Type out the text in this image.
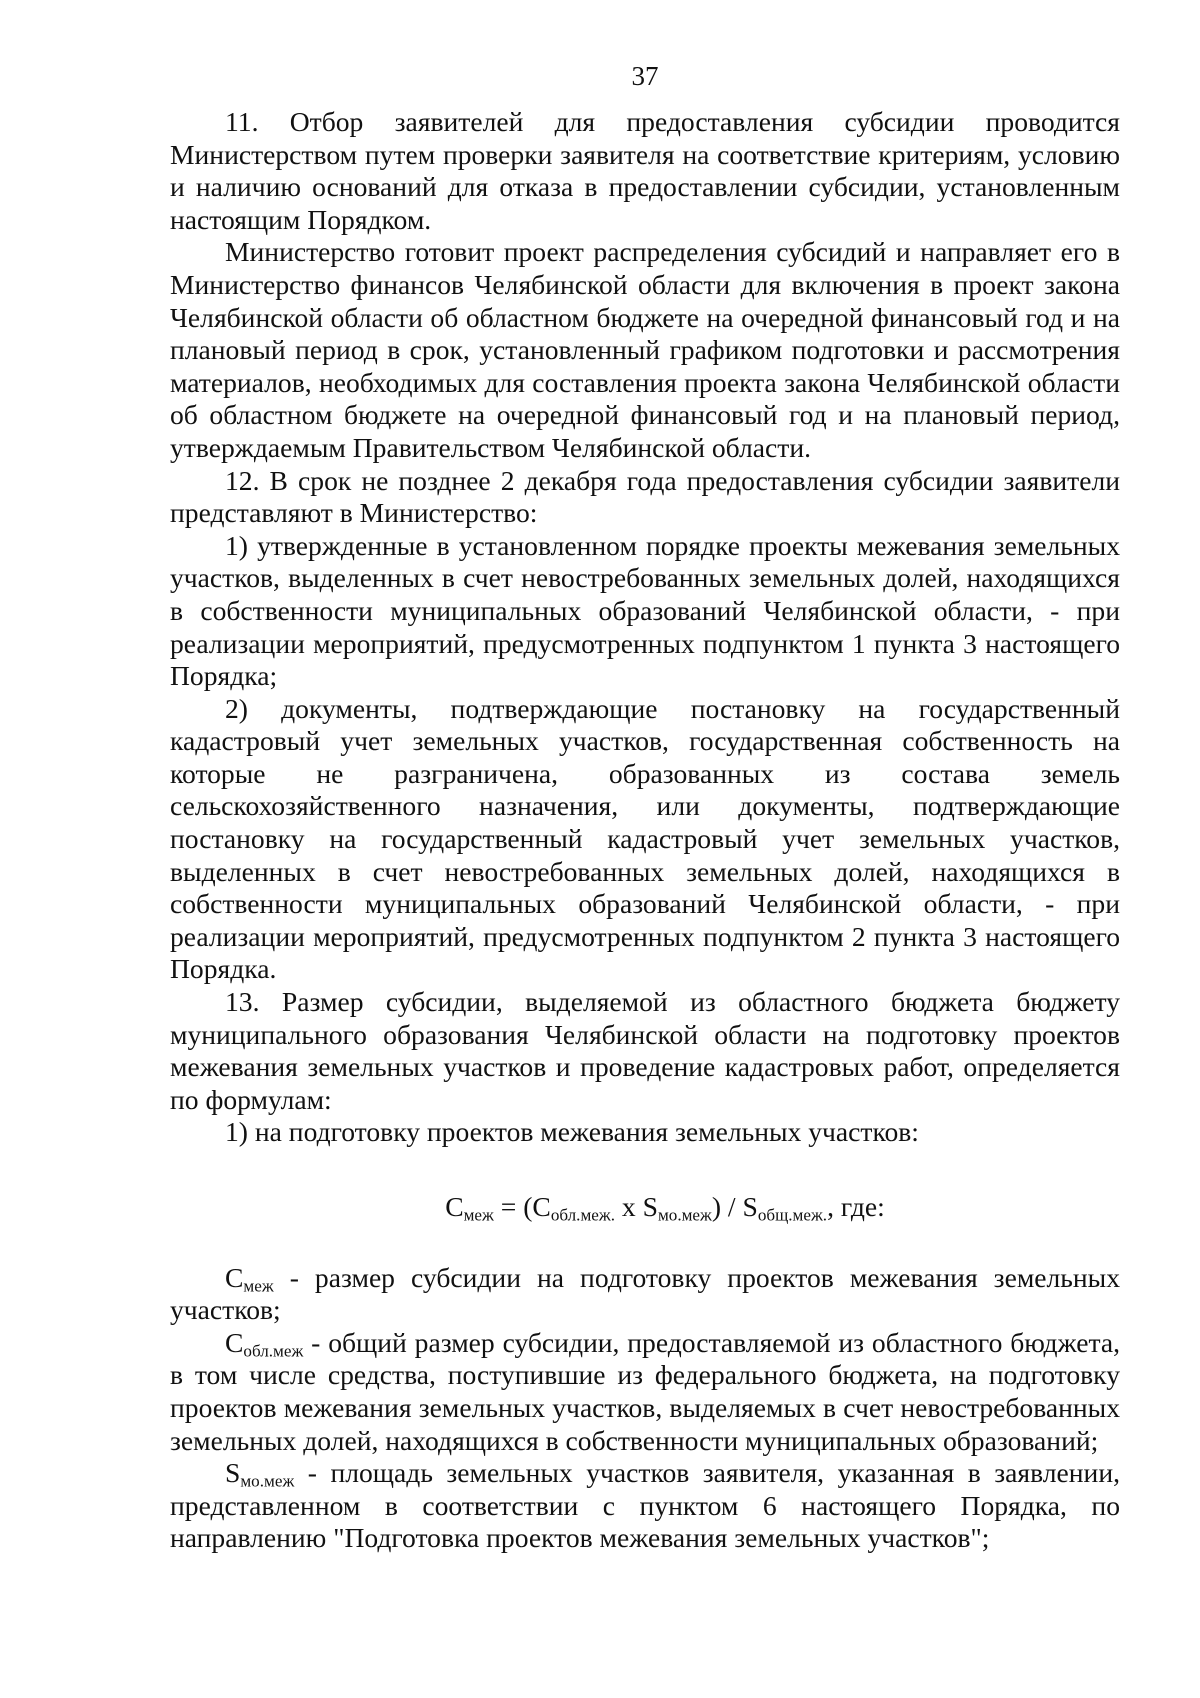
37

11. Отбор заявителей для предоставления субсидии проводится Министерством путем проверки заявителя на соответствие критериям, условию и наличию оснований для отказа в предоставлении субсидии, установленным настоящим Порядком.

Министерство готовит проект распределения субсидий и направляет его в Министерство финансов Челябинской области для включения в проект закона Челябинской области об областном бюджете на очередной финансовый год и на плановый период в срок, установленный графиком подготовки и рассмотрения материалов, необходимых для составления проекта закона Челябинской области об областном бюджете на очередной финансовый год и на плановый период, утверждаемым Правительством Челябинской области.

12. В срок не позднее 2 декабря года предоставления субсидии заявители представляют в Министерство:

1) утвержденные в установленном порядке проекты межевания земельных участков, выделенных в счет невостребованных земельных долей, находящихся в собственности муниципальных образований Челябинской области, - при реализации мероприятий, предусмотренных подпунктом 1 пункта 3 настоящего Порядка;

2) документы, подтверждающие постановку на государственный кадастровый учет земельных участков, государственная собственность на которые не разграничена, образованных из состава земель сельскохозяйственного назначения, или документы, подтверждающие постановку на государственный кадастровый учет земельных участков, выделенных в счет невостребованных земельных долей, находящихся в собственности муниципальных образований Челябинской области, - при реализации мероприятий, предусмотренных подпунктом 2 пункта 3 настоящего Порядка.

13. Размер субсидии, выделяемой из областного бюджета бюджету муниципального образования Челябинской области на подготовку проектов межевания земельных участков и проведение кадастровых работ, определяется по формулам:

1) на подготовку проектов межевания земельных участков:

$C_{меж} = (C_{обл.меж.}$ x $S_{мо.меж}) / S_{общ.меж.}$, где:

$C_{меж}$ - размер субсидии на подготовку проектов межевания земельных участков;

$C_{обл.меж}$ - общий размер субсидии, предоставляемой из областного бюджета, в том числе средства, поступившие из федерального бюджета, на подготовку проектов межевания земельных участков, выделяемых в счет невостребованных земельных долей, находящихся в собственности муниципальных образований;

$S_{мо.меж}$ - площадь земельных участков заявителя, указанная в заявлении, представленном в соответствии с пунктом 6 настоящего Порядка, по направлению "Подготовка проектов межевания земельных участков";
